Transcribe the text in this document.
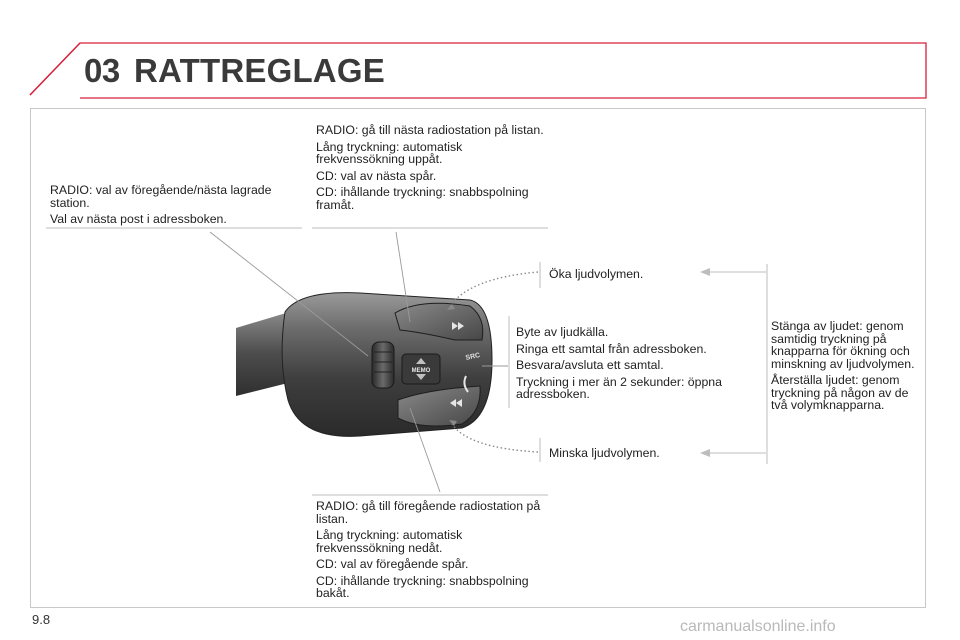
03 RATTREGLAGE
MEMO
SRC

RADIO: val av föregående/nästa lagrade station.

Val av nästa post i adressboken.

RADIO: gå till nästa radiostation på listan.

Lång tryckning: automatisk frekvenssökning uppåt.

CD: val av nästa spår.

CD: ihållande tryckning: snabbspolning framåt.

Öka ljudvolymen.

Byte av ljudkälla.

Ringa ett samtal från adressboken.

Besvara/avsluta ett samtal.

Tryckning i mer än 2 sekunder: öppna adressboken.

Stänga av ljudet: genom samtidig tryckning på knapparna för ökning och minskning av ljudvolymen.

Återställa ljudet: genom tryckning på någon av de två volymknapparna.

Minska ljudvolymen.

RADIO: gå till föregående radiostation på listan.

Lång tryckning: automatisk frekvenssökning nedåt.

CD: val av föregående spår.

CD: ihållande tryckning: snabbspolning bakåt.

9.8	carmanualsonline.info
